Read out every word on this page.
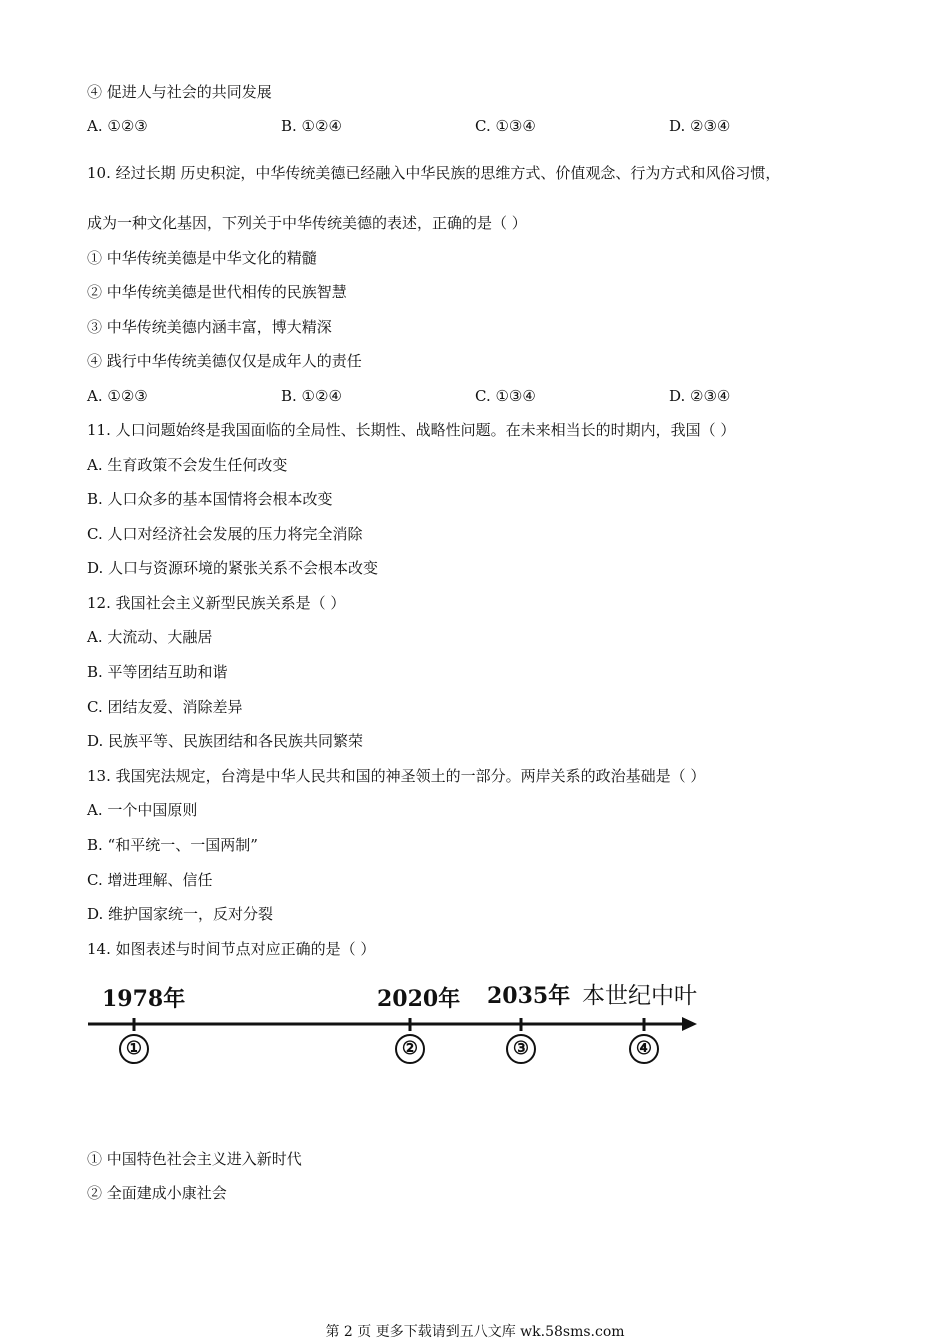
④ 促进人与社会的共同发展
A. ①②③	B. ①②④	C. ①③④	D. ②③④
10. 经过长期 历史积淀，中华传统美德已经融入中华民族的思维方式、价值观念、行为方式和风俗习惯，
成为一种文化基因，下列关于中华传统美德的表述，正确的是（ ）
① 中华传统美德是中华文化的精髓
② 中华传统美德是世代相传的民族智慧
③ 中华传统美德内涵丰富，博大精深
④ 践行中华传统美德仅仅是成年人的责任
A. ①②③	B. ①②④	C. ①③④	D. ②③④
11. 人口问题始终是我国面临的全局性、长期性、战略性问题。在未来相当长的时期内，我国（ ）
A. 生育政策不会发生任何改变
B. 人口众多的基本国情将会根本改变
C. 人口对经济社会发展的压力将完全消除
D. 人口与资源环境的紧张关系不会根本改变
12. 我国社会主义新型民族关系是（ ）
A. 大流动、大融居
B. 平等团结互助和谐
C. 团结友爱、消除差异
D. 民族平等、民族团结和各民族共同繁荣
13. 我国宪法规定，台湾是中华人民共和国的神圣领土的一部分。两岸关系的政治基础是（ ）
A. 一个中国原则
B. “和平统一、一国两制”
C. 增进理解、信任
D. 维护国家统一，反对分裂
14. 如图表述与时间节点对应正确的是（ ）
1978年	2020年 2035年 本世纪中叶
①	②	③	④
① 中国特色社会主义进入新时代
② 全面建成小康社会
第 2 页 更多下载请到五八文库 wk.58sms.com
